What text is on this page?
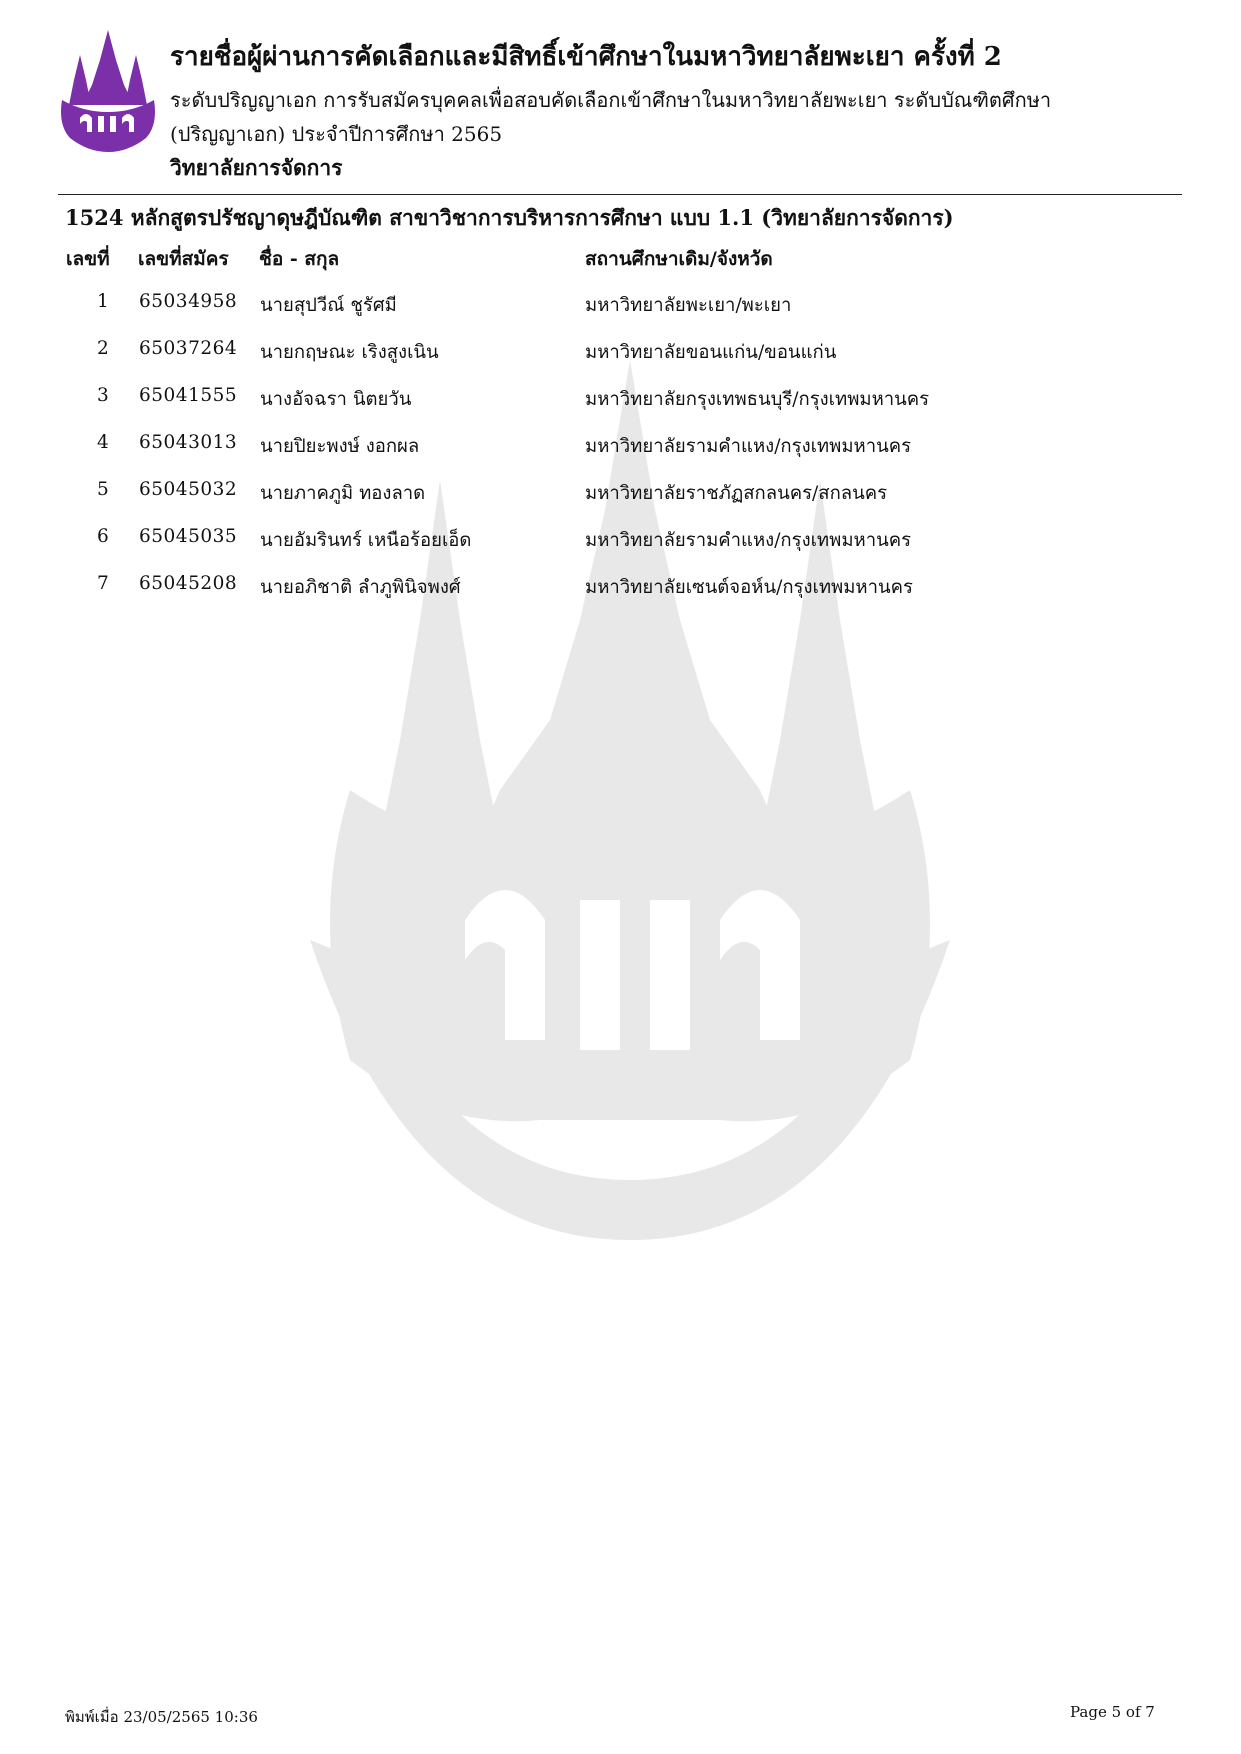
รายชื่อผู้ผ่านการคัดเลือกและมีสิทธิ์เข้าศึกษาในมหาวิทยาลัยพะเยา ครั้งที่ 2
ระดับปริญญาเอก การรับสมัครบุคคลเพื่อสอบคัดเลือกเข้าศึกษาในมหาวิทยาลัยพะเยา ระดับบัณฑิตศึกษา
(ปริญญาเอก) ประจำปีการศึกษา 2565
วิทยาลัยการจัดการ
1524 หลักสูตรปรัชญาดุษฎีบัณฑิต สาขาวิชาการบริหารการศึกษา แบบ 1.1 (วิทยาลัยการจัดการ)
เลขที่ เลขที่สมัคร ชื่อ - สกุล	สถานศึกษาเดิม/จังหวัด
1 65034958 นายสุปวีณ์ ชูรัศมี	มหาวิทยาลัยพะเยา/พะเยา
2 65037264 นายกฤษณะ เริงสูงเนิน	มหาวิทยาลัยขอนแก่น/ขอนแก่น
3 65041555 นางอัจฉรา นิตยวัน	มหาวิทยาลัยกรุงเทพธนบุรี/กรุงเทพมหานคร
4 65043013 นายปิยะพงษ์ งอกผล	มหาวิทยาลัยรามคำแหง/กรุงเทพมหานคร
5 65045032 นายภาคภูมิ ทองลาด	มหาวิทยาลัยราชภัฏสกลนคร/สกลนคร
6 65045035 นายอัมรินทร์ เหนือร้อยเอ็ด	มหาวิทยาลัยรามคำแหง/กรุงเทพมหานคร
7 65045208 นายอภิชาติ ลำภูพินิจพงศ์	มหาวิทยาลัยเซนต์จอห์น/กรุงเทพมหานคร
พิมพ์เมื่อ 23/05/2565 10:36	Page 5 of 7
